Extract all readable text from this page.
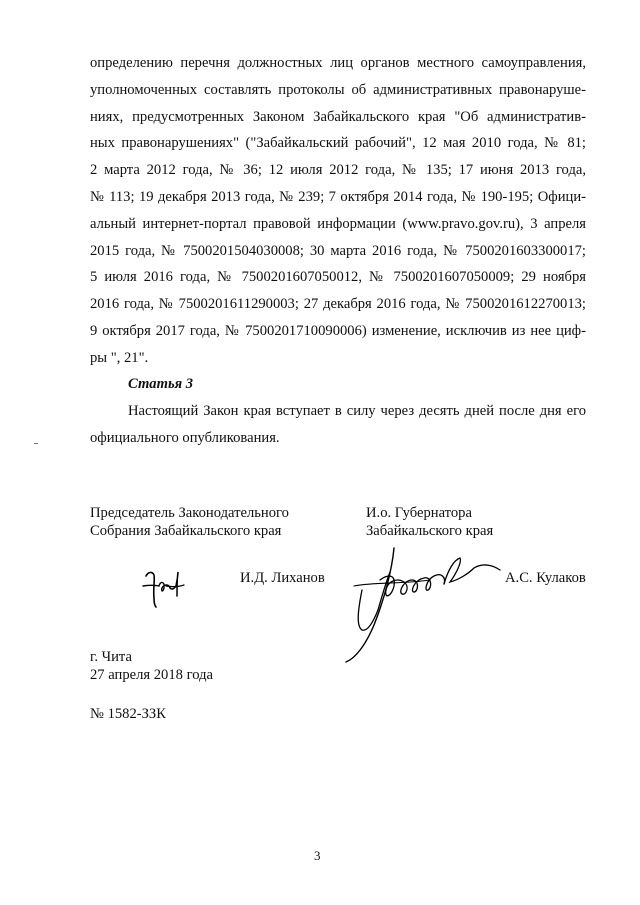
определению перечня должностных лиц органов местного самоуправления,
уполномоченных составлять протоколы об административных правонаруше-
ниях, предусмотренных Законом Забайкальского края "Об административ-
ных правонарушениях" ("Забайкальский рабочий", 12 мая 2010 года, № 81;
2 марта 2012 года, № 36; 12 июля 2012 года, № 135; 17 июня 2013 года,
№ 113; 19 декабря 2013 года, № 239; 7 октября 2014 года, № 190-195; Офици-
альный интернет-портал правовой информации (www.pravo.gov.ru), 3 апреля
2015 года, № 7500201504030008; 30 марта 2016 года, № 7500201603300017;
5 июля 2016 года, № 7500201607050012, № 7500201607050009; 29 ноября
2016 года, № 7500201611290003; 27 декабря 2016 года, № 7500201612270013;
9 октября 2017 года, № 7500201710090006) изменение, исключив из нее циф-
ры ", 21".
Статья 3
Настоящий Закон края вступает в силу через десять дней после дня его
официального опубликования.
Председатель Законодательного
Собрания Забайкальского края
И.о. Губернатора
Забайкальского края
И.Д. Лиханов	А.С. Кулаков
г. Чита
27 апреля 2018 года
№ 1582-ЗЗК
3
